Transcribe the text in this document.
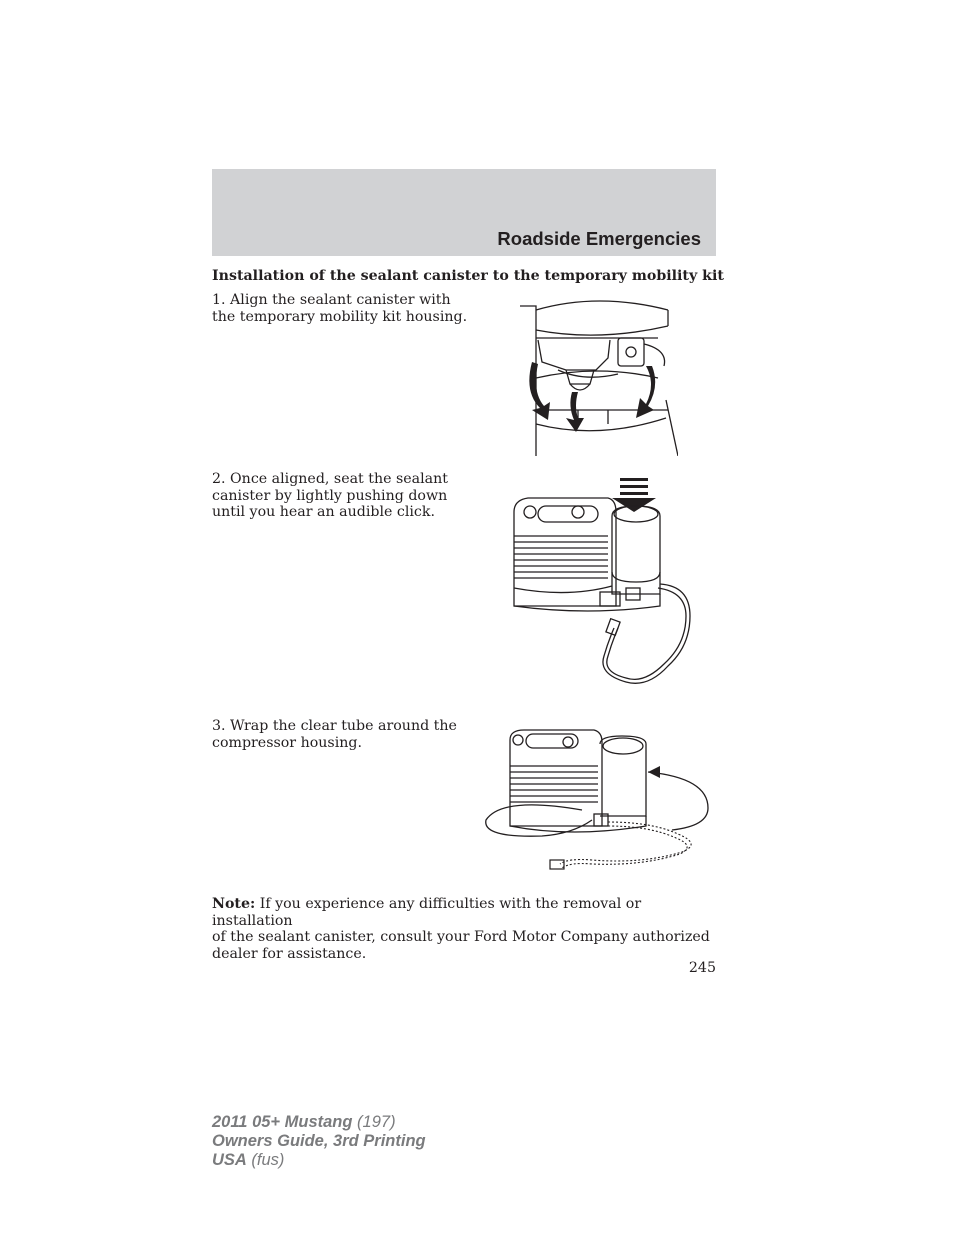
Roadside Emergencies
Installation of the sealant canister to the temporary mobility kit
1. Align the sealant canister with
the temporary mobility kit housing.
2. Once aligned, seat the sealant
canister by lightly pushing down
until you hear an audible click.
3. Wrap the clear tube around the
compressor housing.
Note: If you experience any difficulties with the removal or installation
of the sealant canister, consult your Ford Motor Company authorized
dealer for assistance.
245
2011 05+ Mustang (197)
Owners Guide, 3rd Printing
USA (fus)
